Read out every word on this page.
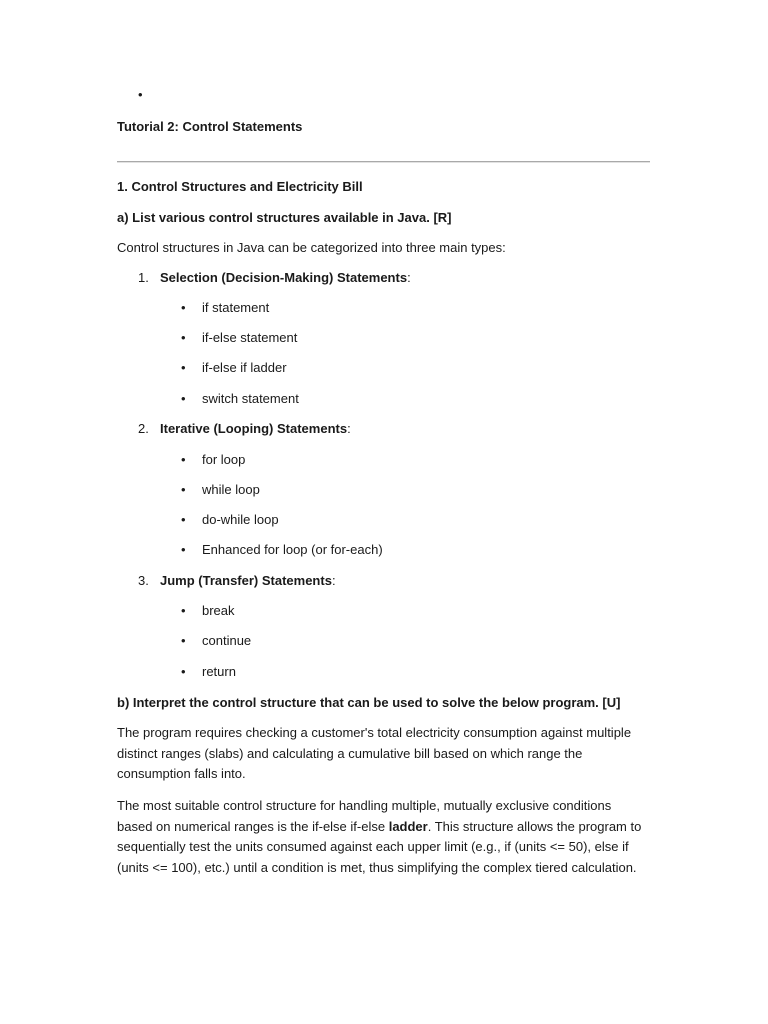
•
Tutorial 2: Control Statements
1. Control Structures and Electricity Bill
a) List various control structures available in Java. [R]
Control structures in Java can be categorized into three main types:
1. Selection (Decision-Making) Statements:
• if statement
• if-else statement
• if-else if ladder
• switch statement
2. Iterative (Looping) Statements:
• for loop
• while loop
• do-while loop
• Enhanced for loop (or for-each)
3. Jump (Transfer) Statements:
• break
• continue
• return
b) Interpret the control structure that can be used to solve the below program. [U]

The program requires checking a customer's total electricity consumption against multiple distinct ranges (slabs) and calculating a cumulative bill based on which range the consumption falls into.

The most suitable control structure for handling multiple, mutually exclusive conditions based on numerical ranges is the if-else if-else ladder. This structure allows the program to sequentially test the units consumed against each upper limit (e.g., if (units <= 50), else if (units <= 100), etc.) until a condition is met, thus simplifying the complex tiered calculation.
